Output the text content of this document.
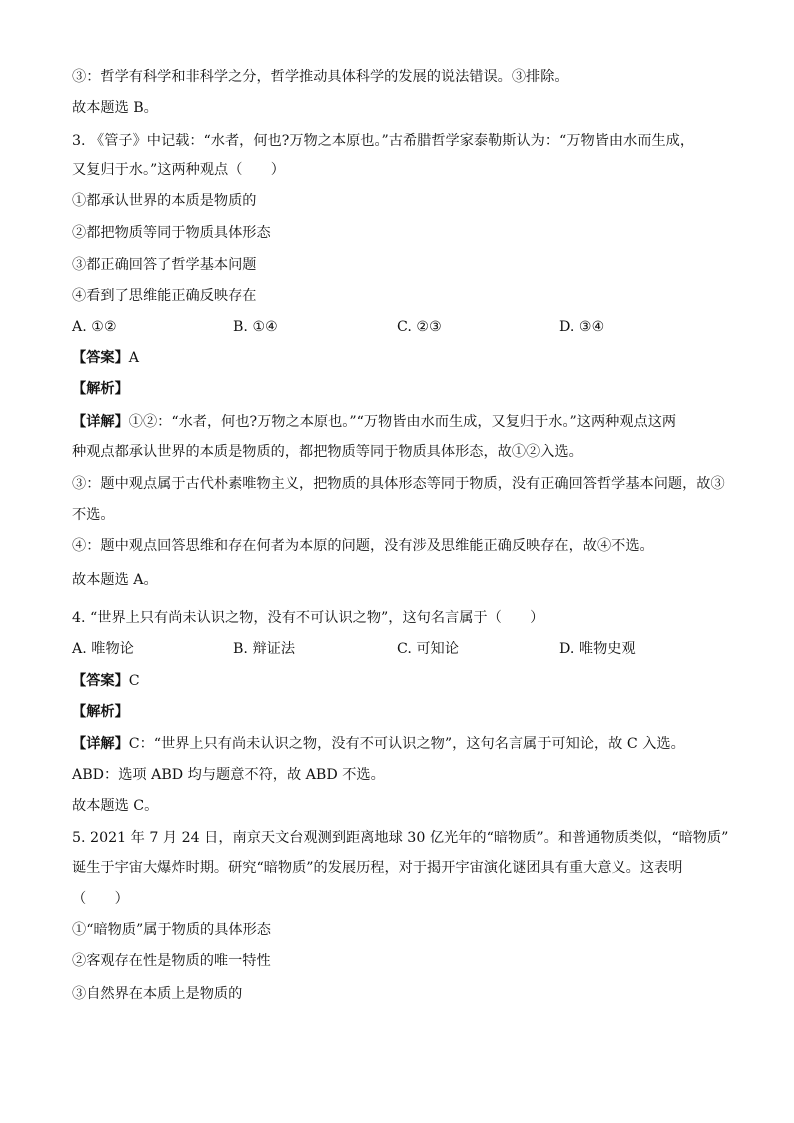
③：哲学有科学和非科学之分，哲学推动具体科学的发展的说法错误。③排除。
故本题选 B。
3. 《管子》中记载：“水者，何也?万物之本原也。”古希腊哲学家泰勒斯认为：“万物皆由水而生成，
又复归于水。”这两种观点（　　）
①都承认世界的本质是物质的
②都把物质等同于物质具体形态
③都正确回答了哲学基本问题
④看到了思维能正确反映存在
A. ①②	B. ①④	C. ②③	D. ③④
【答案】A
【解析】
【详解】①②：“水者，何也?万物之本原也。”“万物皆由水而生成，又复归于水。”这两种观点这两
种观点都承认世界的本质是物质的，都把物质等同于物质具体形态，故①②入选。
③：题中观点属于古代朴素唯物主义，把物质的具体形态等同于物质，没有正确回答哲学基本问题，故③
不选。
④：题中观点回答思维和存在何者为本原的问题，没有涉及思维能正确反映存在，故④不选。
故本题选 A。
4. “世界上只有尚未认识之物，没有不可认识之物”，这句名言属于（　　）
A. 唯物论	B. 辩证法	C. 可知论	D. 唯物史观
【答案】C
【解析】
【详解】C：“世界上只有尚未认识之物，没有不可认识之物”，这句名言属于可知论，故 C 入选。
ABD：选项 ABD 均与题意不符，故 ABD 不选。
故本题选 C。
5. 2021 年 7 月 24 日，南京天文台观测到距离地球 30 亿光年的“暗物质”。和普通物质类似，“暗物质”
诞生于宇宙大爆炸时期。研究“暗物质”的发展历程，对于揭开宇宙演化谜团具有重大意义。这表明
（　　）
①“暗物质”属于物质的具体形态
②客观存在性是物质的唯一特性
③自然界在本质上是物质的
